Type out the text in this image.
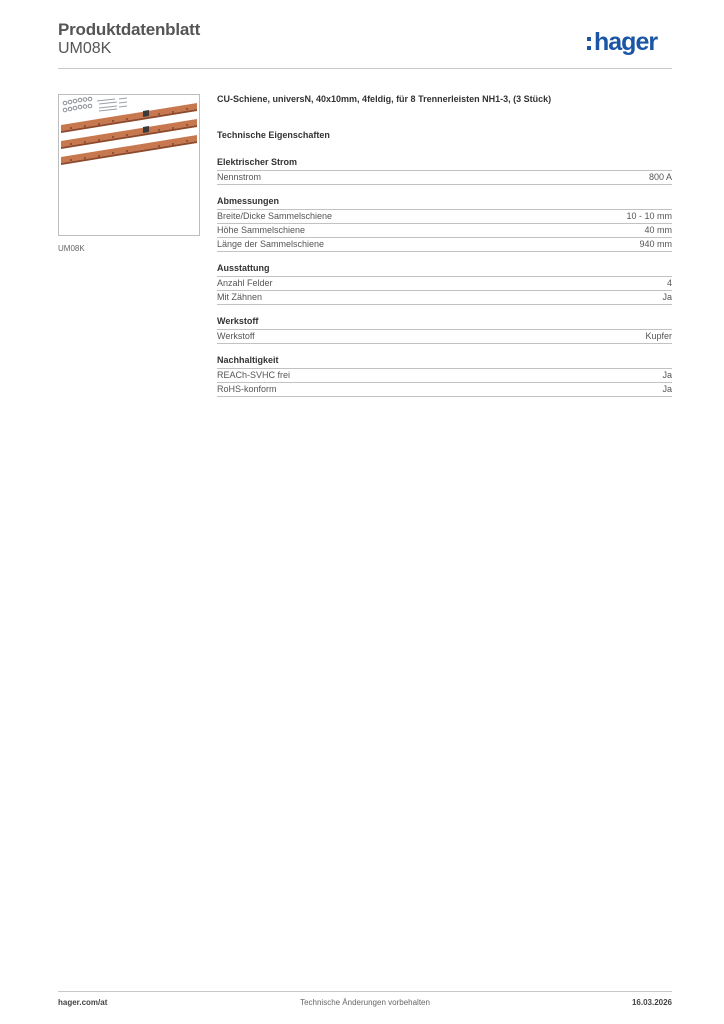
Produktdatenblatt
UM08K	hager
UM08K
CU-Schiene, universN, 40x10mm, 4feldig, für 8 Trennerleisten NH1-3, (3 Stück)
Technische Eigenschaften
Elektrischer Strom
Nennstrom	800 A
Abmessungen
Breite/Dicke Sammelschiene	10 - 10 mm
Höhe Sammelschiene	40 mm
Länge der Sammelschiene	940 mm
Ausstattung
Anzahl Felder	4
Mit Zähnen	Ja
Werkstoff
Werkstoff	Kupfer
Nachhaltigkeit
REACh-SVHC frei	Ja
RoHS-konform	Ja
hager.com/at	Technische Änderungen vorbehalten	16.03.2026
